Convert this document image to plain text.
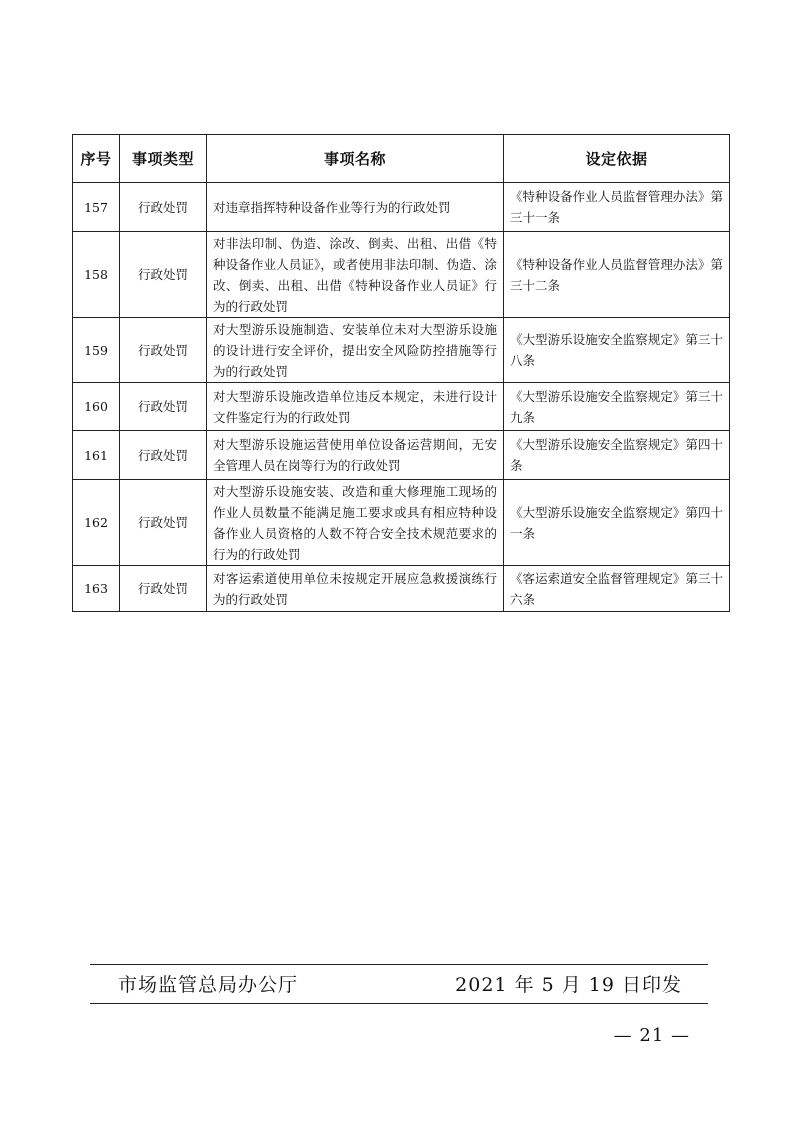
序号	事项类型	事项名称	设定依据
157	行政处罚	对违章指挥特种设备作业等行为的行政处罚	《特种设备作业人员监督管理办法》第三十一条
158	行政处罚	对非法印制、伪造、涂改、倒卖、出租、出借《特种设备作业人员证》，或者使用非法印制、伪造、涂改、倒卖、出租、出借《特种设备作业人员证》行为的行政处罚	《特种设备作业人员监督管理办法》第三十二条
159	行政处罚	对大型游乐设施制造、安装单位未对大型游乐设施的设计进行安全评价，提出安全风险防控措施等行为的行政处罚	《大型游乐设施安全监察规定》第三十八条
160	行政处罚	对大型游乐设施改造单位违反本规定，未进行设计文件鉴定行为的行政处罚	《大型游乐设施安全监察规定》第三十九条
161	行政处罚	对大型游乐设施运营使用单位设备运营期间，无安全管理人员在岗等行为的行政处罚	《大型游乐设施安全监察规定》第四十条
162	行政处罚	对大型游乐设施安装、改造和重大修理施工现场的作业人员数量不能满足施工要求或具有相应特种设备作业人员资格的人数不符合安全技术规范要求的行为的行政处罚	《大型游乐设施安全监察规定》第四十一条
163	行政处罚	对客运索道使用单位未按规定开展应急救援演练行为的行政处罚	《客运索道安全监督管理规定》第三十六条
市场监管总局办公厅	2021 年 5 月 19 日印发
— 21 —
